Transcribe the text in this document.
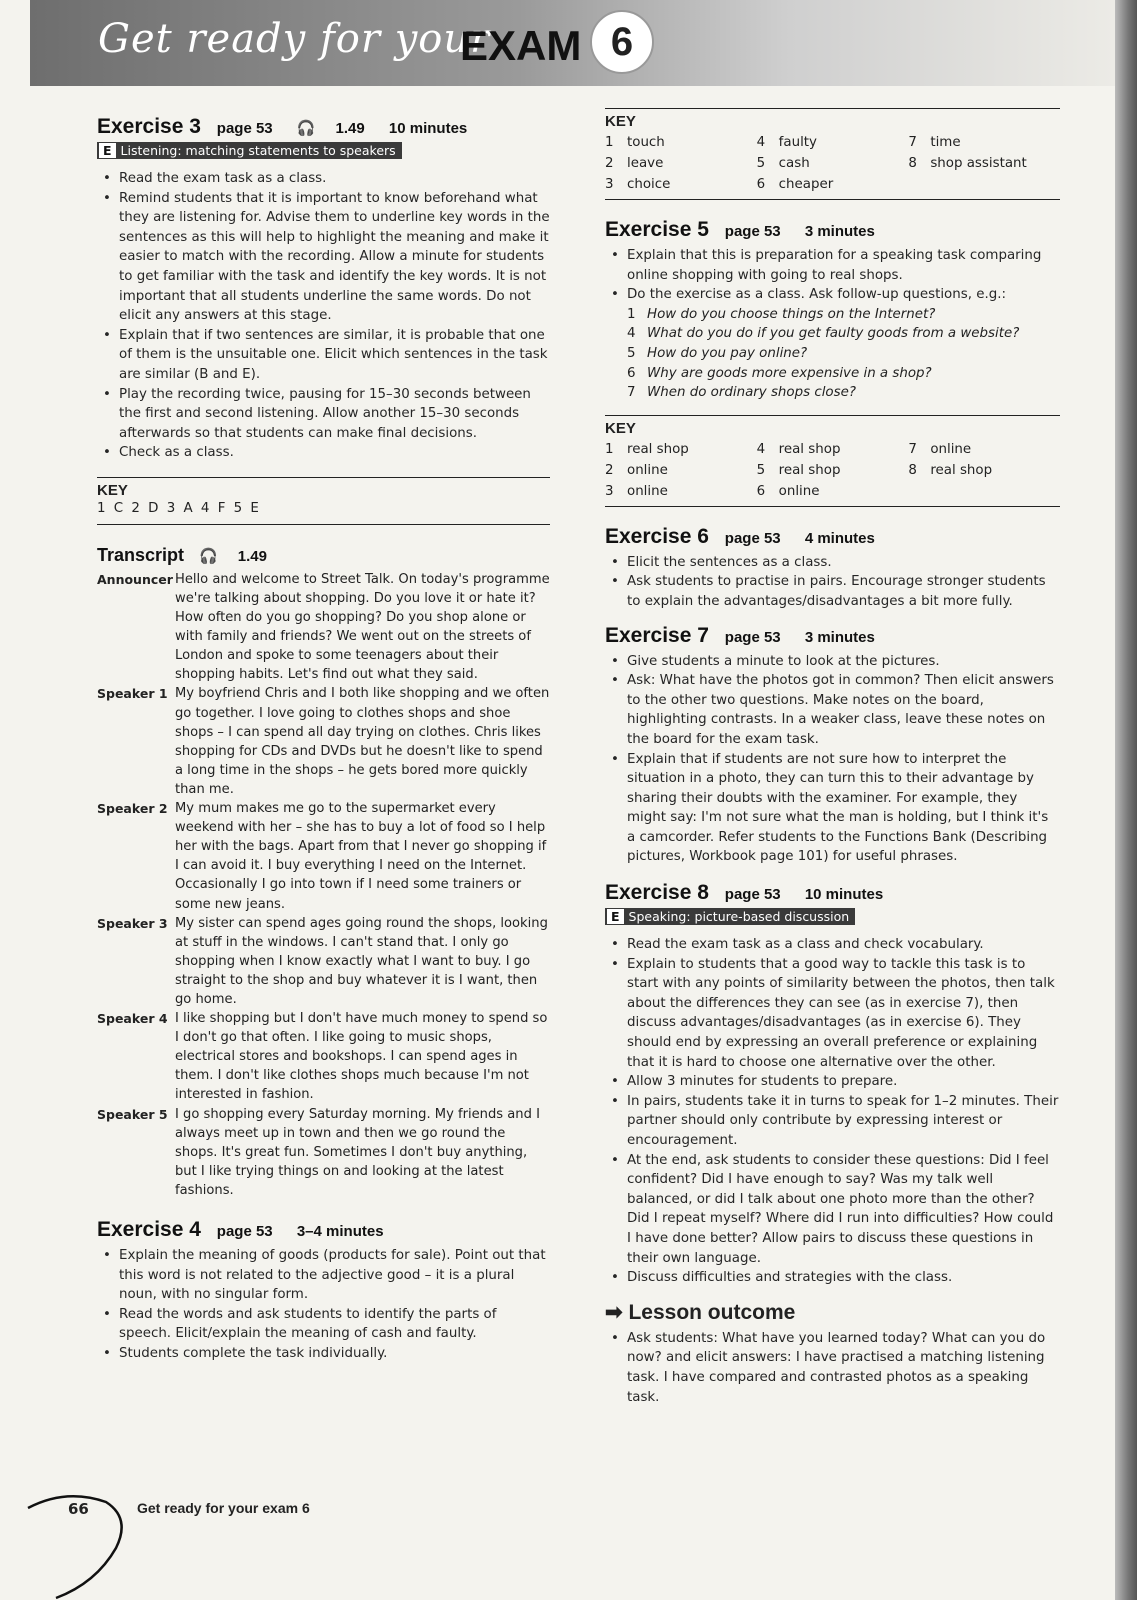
Get ready for your
EXAM 6
Exercise 3 page 53 🎧 1.49 10 minutes
E Listening: matching statements to speakers
• Read the exam task as a class.
• Remind students that it is important to know beforehand what they are listening for. Advise them to underline key words in the sentences as this will help to highlight the meaning and make it easier to match with the recording. Allow a minute for students to get familiar with the task and identify the key words. It is not important that all students underline the same words. Do not elicit any answers at this stage.
• Explain that if two sentences are similar, it is probable that one of them is the unsuitable one. Elicit which sentences in the task are similar (B and E).
• Play the recording twice, pausing for 15–30 seconds between the first and second listening. Allow another 15–30 seconds afterwards so that students can make final decisions.
• Check as a class.
KEY
1 C 2 D 3 A 4 F 5 E
Transcript 🎧 1.49
Announcer Hello and welcome to Street Talk. On today's programme we're talking about shopping. Do you love it or hate it? How often do you go shopping? Do you shop alone or with family and friends? We went out on the streets of London and spoke to some teenagers about their shopping habits. Let's find out what they said.
Speaker 1 My boyfriend Chris and I both like shopping and we often go together. I love going to clothes shops and shoe shops – I can spend all day trying on clothes. Chris likes shopping for CDs and DVDs but he doesn't like to spend a long time in the shops – he gets bored more quickly than me.
Speaker 2 My mum makes me go to the supermarket every weekend with her – she has to buy a lot of food so I help her with the bags. Apart from that I never go shopping if I can avoid it. I buy everything I need on the Internet. Occasionally I go into town if I need some trainers or some new jeans.
Speaker 3 My sister can spend ages going round the shops, looking at stuff in the windows. I can't stand that. I only go shopping when I know exactly what I want to buy. I go straight to the shop and buy whatever it is I want, then go home.
Speaker 4 I like shopping but I don't have much money to spend so I don't go that often. I like going to music shops, electrical stores and bookshops. I can spend ages in them. I don't like clothes shops much because I'm not interested in fashion.
Speaker 5 I go shopping every Saturday morning. My friends and I always meet up in town and then we go round the shops. It's great fun. Sometimes I don't buy anything, but I like trying things on and looking at the latest fashions.
Exercise 4 page 53 3–4 minutes
• Explain the meaning of goods (products for sale). Point out that this word is not related to the adjective good – it is a plural noun, with no singular form.
• Read the words and ask students to identify the parts of speech. Elicit/explain the meaning of cash and faulty.
• Students complete the task individually.
KEY
1 touch	4 faulty	7 time
2 leave	5 cash	8 shop assistant
3 choice	6 cheaper	
Exercise 5 page 53 3 minutes
• Explain that this is preparation for a speaking task comparing online shopping with going to real shops.
• Do the exercise as a class. Ask follow-up questions, e.g.:
1 How do you choose things on the Internet?
4 What do you do if you get faulty goods from a website?
5 How do you pay online?
6 Why are goods more expensive in a shop?
7 When do ordinary shops close?
KEY
1 real shop	4 real shop	7 online
2 online	5 real shop	8 real shop
3 online	6 online	
Exercise 6 page 53 4 minutes
• Elicit the sentences as a class.
• Ask students to practise in pairs. Encourage stronger students to explain the advantages/disadvantages a bit more fully.
Exercise 7 page 53 3 minutes
• Give students a minute to look at the pictures.
• Ask: What have the photos got in common? Then elicit answers to the other two questions. Make notes on the board, highlighting contrasts. In a weaker class, leave these notes on the board for the exam task.
• Explain that if students are not sure how to interpret the situation in a photo, they can turn this to their advantage by sharing their doubts with the examiner. For example, they might say: I'm not sure what the man is holding, but I think it's a camcorder. Refer students to the Functions Bank (Describing pictures, Workbook page 101) for useful phrases.
Exercise 8 page 53 10 minutes
E Speaking: picture-based discussion
• Read the exam task as a class and check vocabulary.
• Explain to students that a good way to tackle this task is to start with any points of similarity between the photos, then talk about the differences they can see (as in exercise 7), then discuss advantages/disadvantages (as in exercise 6). They should end by expressing an overall preference or explaining that it is hard to choose one alternative over the other.
• Allow 3 minutes for students to prepare.
• In pairs, students take it in turns to speak for 1–2 minutes. Their partner should only contribute by expressing interest or encouragement.
• At the end, ask students to consider these questions: Did I feel confident? Did I have enough to say? Was my talk well balanced, or did I talk about one photo more than the other? Did I repeat myself? Where did I run into difficulties? How could I have done better? Allow pairs to discuss these questions in their own language.
• Discuss difficulties and strategies with the class.
➡ Lesson outcome
• Ask students: What have you learned today? What can you do now? and elicit answers: I have practised a matching listening task. I have compared and contrasted photos as a speaking task.
66	Get ready for your exam 6
